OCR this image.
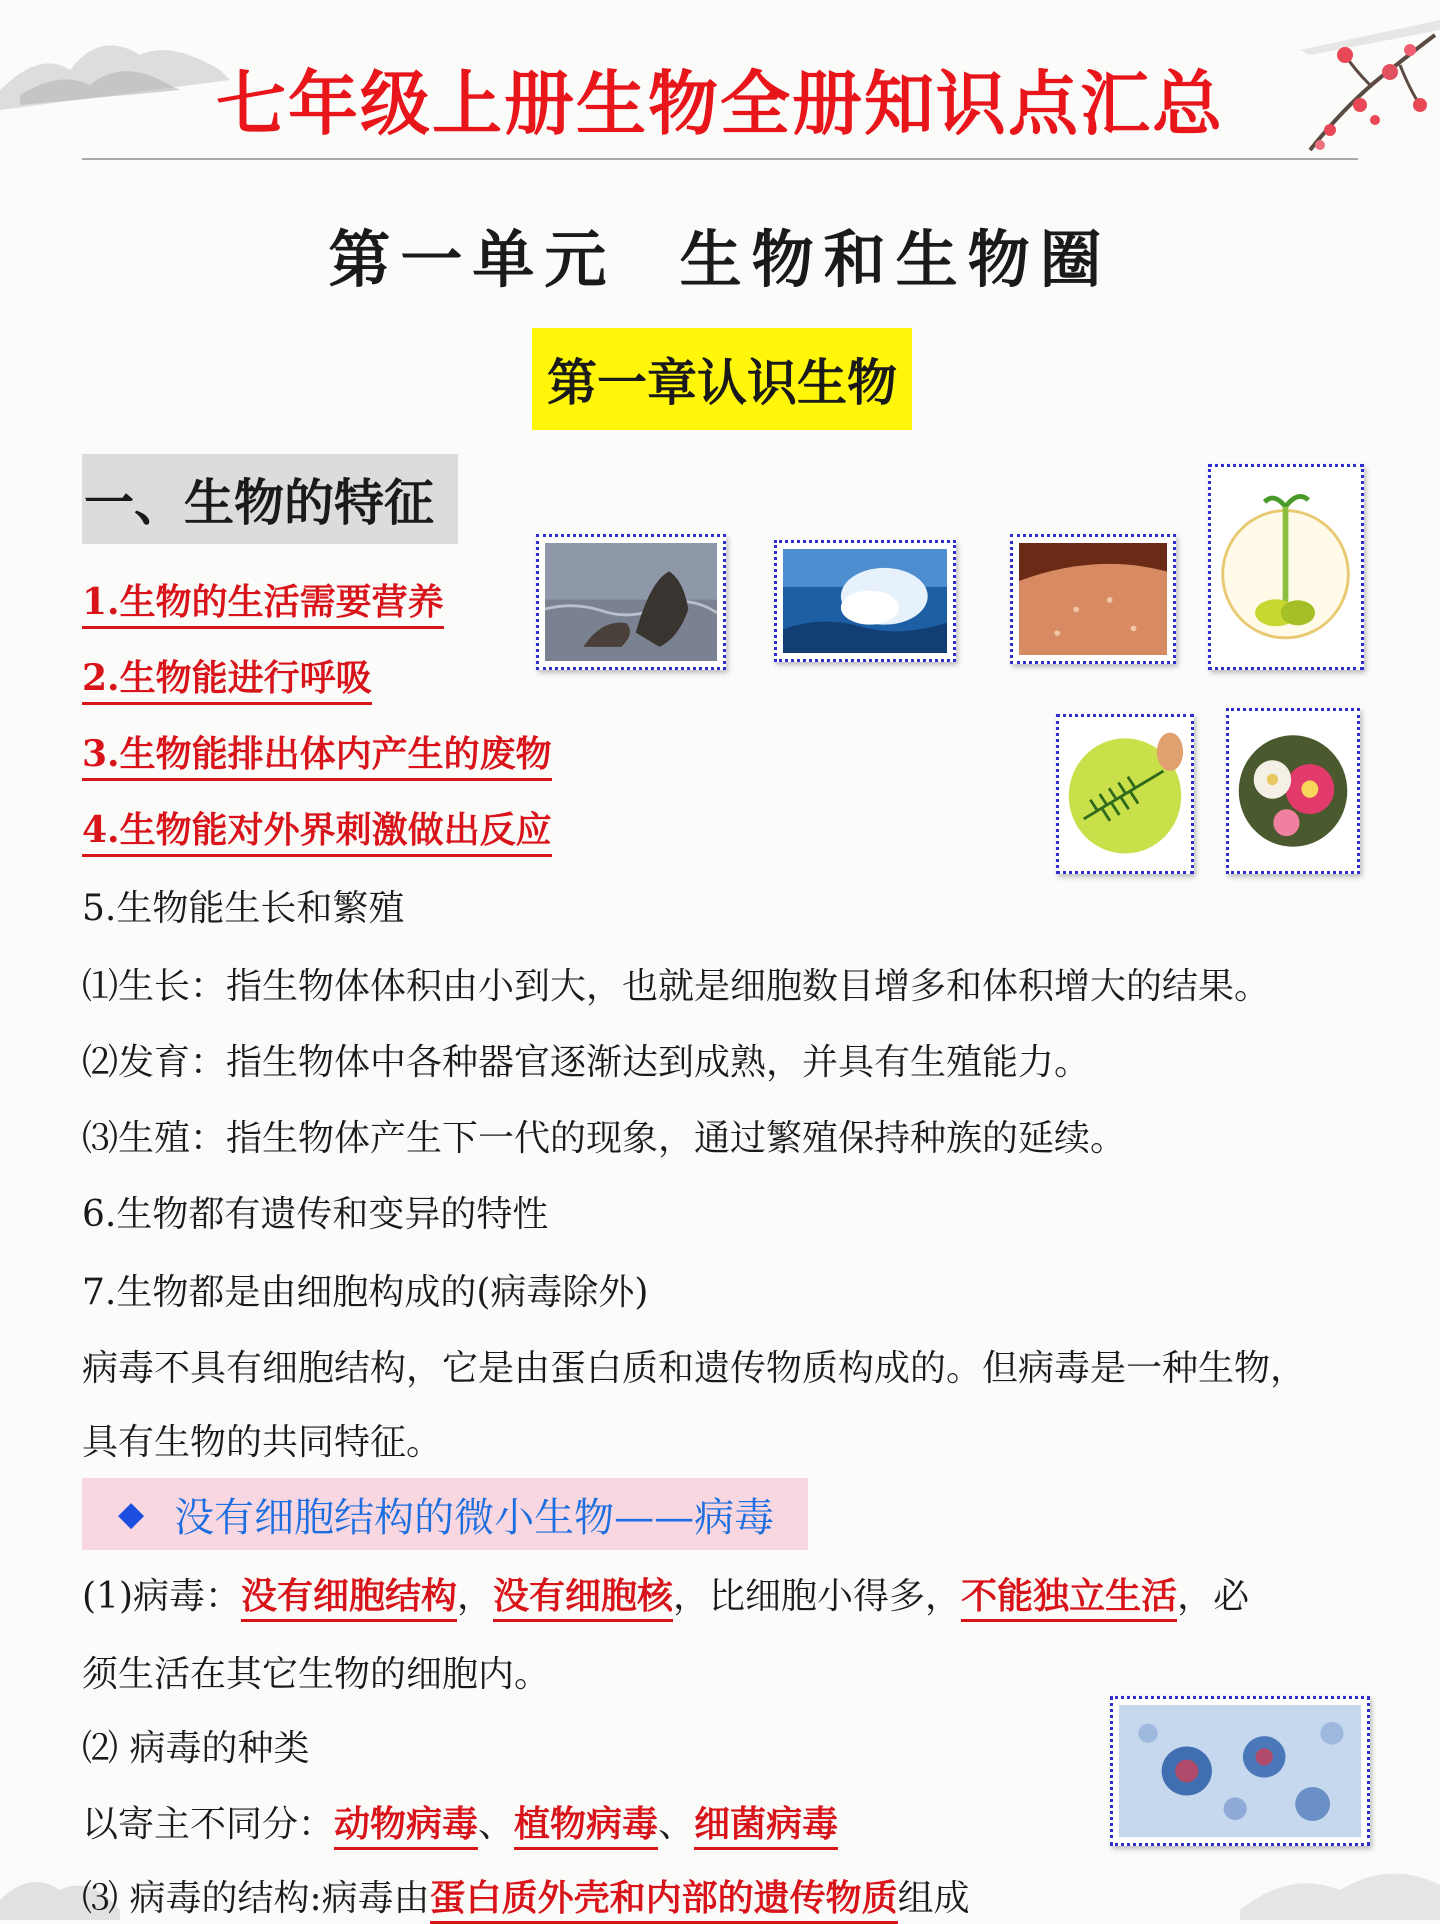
七年级上册生物全册知识点汇总
第一单元  生物和生物圈
第一章认识生物
一、生物的特征
1.生物的生活需要营养
2.生物能进行呼吸
3.生物能排出体内产生的废物
4.生物能对外界刺激做出反应
5.生物能生长和繁殖
⑴生长：指生物体体积由小到大，也就是细胞数目增多和体积增大的结果。
⑵发育：指生物体中各种器官逐渐达到成熟，并具有生殖能力。
⑶生殖：指生物体产生下一代的现象，通过繁殖保持种族的延续。
6.生物都有遗传和变异的特性
7.生物都是由细胞构成的(病毒除外)
病毒不具有细胞结构，它是由蛋白质和遗传物质构成的。但病毒是一种生物，
具有生物的共同特征。
◆ 没有细胞结构的微小生物——病毒
(1)病毒：没有细胞结构，没有细胞核，比细胞小得多，不能独立生活，必
须生活在其它生物的细胞内。
⑵ 病毒的种类
以寄主不同分：动物病毒、植物病毒、细菌病毒
⑶ 病毒的结构:病毒由蛋白质外壳和内部的遗传物质组成
